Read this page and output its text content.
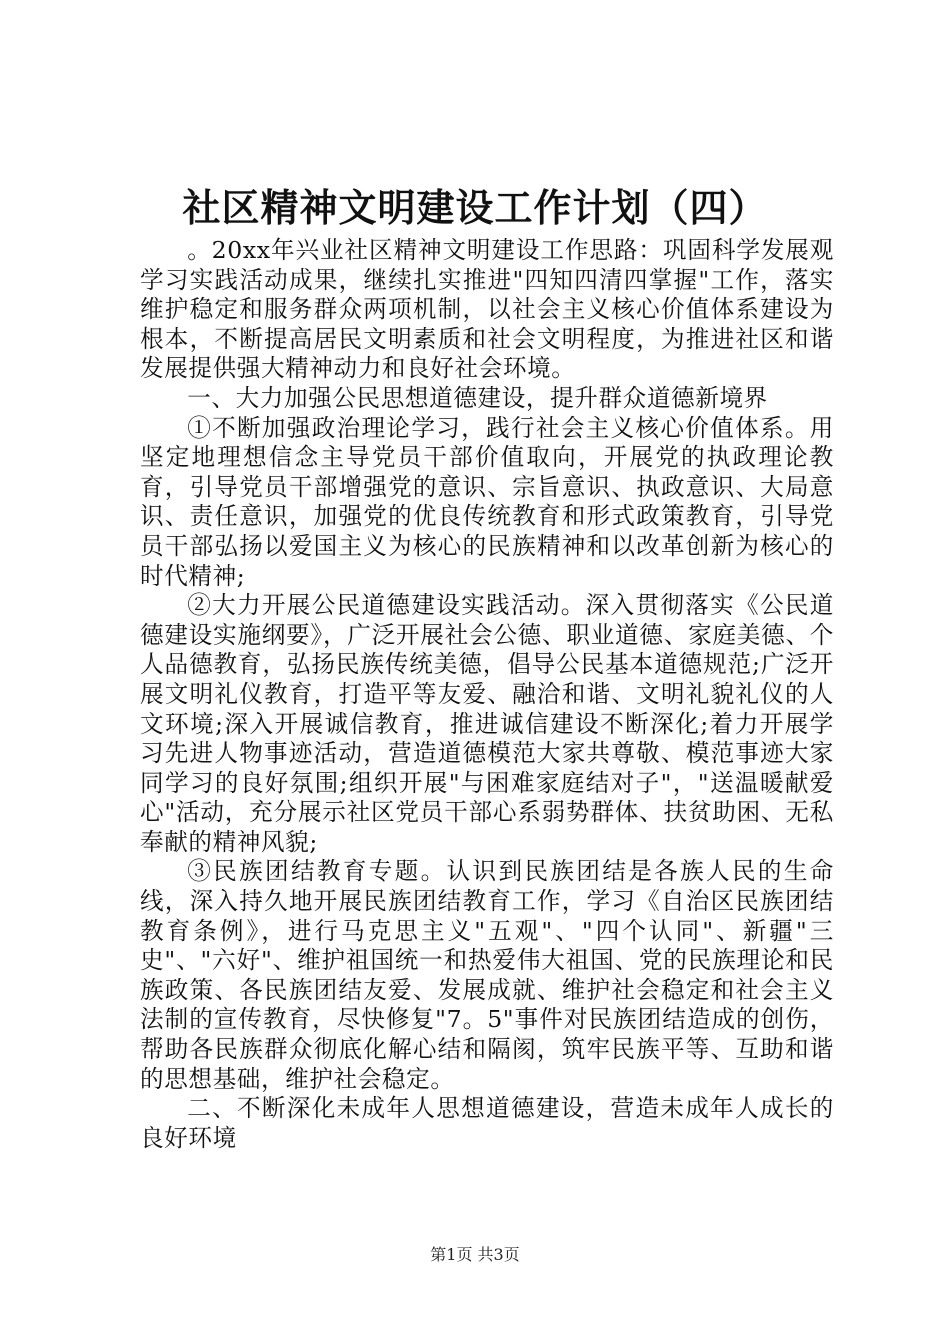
社区精神文明建设工作计划（四）

。20xx年兴业社区精神文明建设工作思路：巩固科学发展观学习实践活动成果，继续扎实推进"四知四清四掌握"工作，落实维护稳定和服务群众两项机制，以社会主义核心价值体系建设为根本，不断提高居民文明素质和社会文明程度，为推进社区和谐发展提供强大精神动力和良好社会环境。

一、大力加强公民思想道德建设，提升群众道德新境界

①不断加强政治理论学习，践行社会主义核心价值体系。用坚定地理想信念主导党员干部价值取向，开展党的执政理论教育，引导党员干部增强党的意识、宗旨意识、执政意识、大局意识、责任意识，加强党的优良传统教育和形式政策教育，引导党员干部弘扬以爱国主义为核心的民族精神和以改革创新为核心的时代精神;

②大力开展公民道德建设实践活动。深入贯彻落实《公民道德建设实施纲要》，广泛开展社会公德、职业道德、家庭美德、个人品德教育，弘扬民族传统美德，倡导公民基本道德规范;广泛开展文明礼仪教育，打造平等友爱、融洽和谐、文明礼貌礼仪的人文环境;深入开展诚信教育，推进诚信建设不断深化;着力开展学习先进人物事迹活动，营造道德模范大家共尊敬、模范事迹大家同学习的良好氛围;组织开展"与困难家庭结对子"，"送温暖献爱心"活动，充分展示社区党员干部心系弱势群体、扶贫助困、无私奉献的精神风貌;

③民族团结教育专题。认识到民族团结是各族人民的生命线，深入持久地开展民族团结教育工作，学习《自治区民族团结教育条例》，进行马克思主义"五观"、"四个认同"、新疆"三史"、"六好"、维护祖国统一和热爱伟大祖国、党的民族理论和民族政策、各民族团结友爱、发展成就、维护社会稳定和社会主义法制的宣传教育，尽快修复"7。5"事件对民族团结造成的创伤，帮助各民族群众彻底化解心结和隔阂，筑牢民族平等、互助和谐的思想基础，维护社会稳定。

二、不断深化未成年人思想道德建设，营造未成年人成长的良好环境

第1页 共3页
